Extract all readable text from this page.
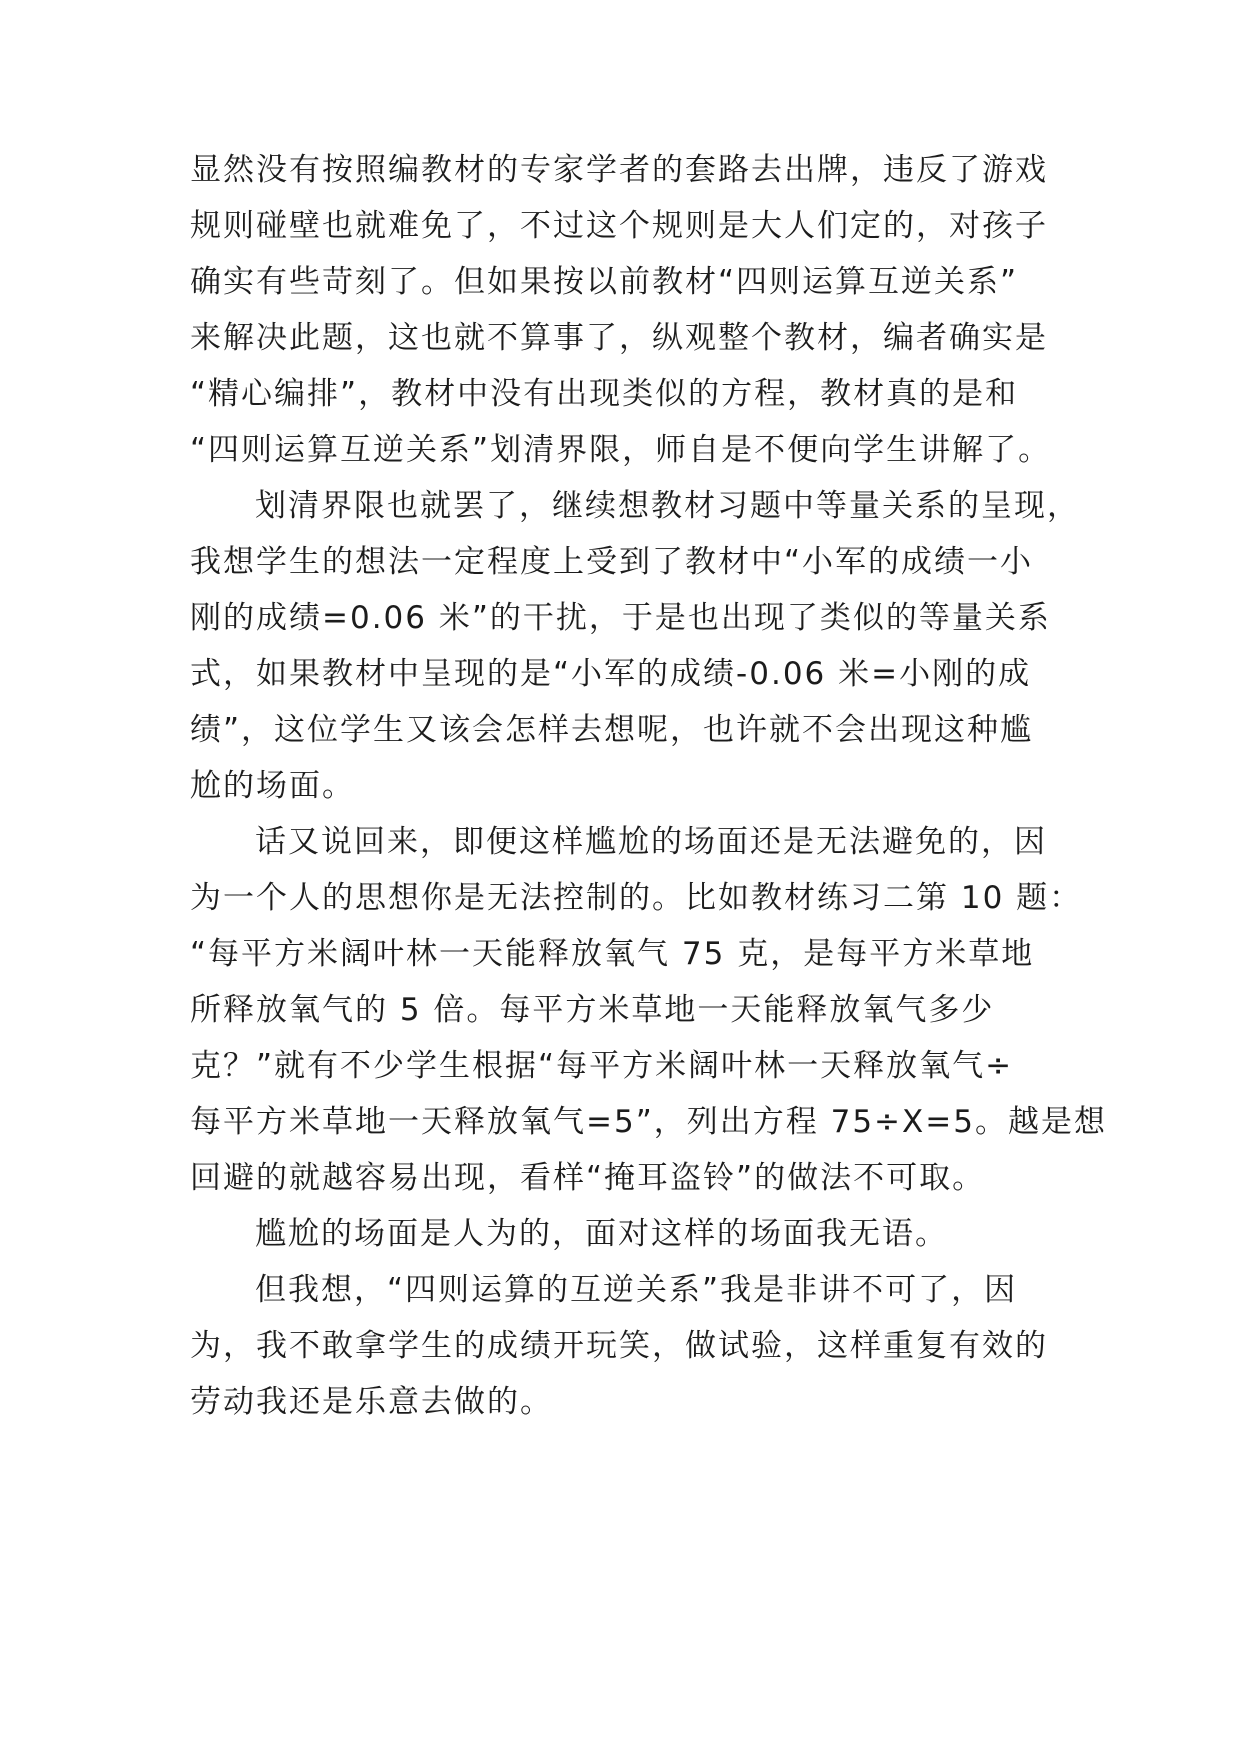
显然没有按照编教材的专家学者的套路去出牌，违反了游戏
规则碰壁也就难免了，不过这个规则是大人们定的，对孩子
确实有些苛刻了。但如果按以前教材“四则运算互逆关系”
来解决此题，这也就不算事了，纵观整个教材，编者确实是
“精心编排”，教材中没有出现类似的方程，教材真的是和
“四则运算互逆关系”划清界限，师自是不便向学生讲解了。
划清界限也就罢了，继续想教材习题中等量关系的呈现，
我想学生的想法一定程度上受到了教材中“小军的成绩一小
刚的成绩=0.06 米”的干扰，于是也出现了类似的等量关系
式，如果教材中呈现的是“小军的成绩-0.06 米=小刚的成
绩”，这位学生又该会怎样去想呢，也许就不会出现这种尴
尬的场面。
话又说回来，即便这样尴尬的场面还是无法避免的，因
为一个人的思想你是无法控制的。比如教材练习二第 10 题：
“每平方米阔叶林一天能释放氧气 75 克，是每平方米草地
所释放氧气的 5 倍。每平方米草地一天能释放氧气多少
克？”就有不少学生根据“每平方米阔叶林一天释放氧气÷
每平方米草地一天释放氧气=5”，列出方程 75÷X=5。越是想
回避的就越容易出现，看样“掩耳盗铃”的做法不可取。
尴尬的场面是人为的，面对这样的场面我无语。
但我想，“四则运算的互逆关系”我是非讲不可了，因
为，我不敢拿学生的成绩开玩笑，做试验，这样重复有效的
劳动我还是乐意去做的。
